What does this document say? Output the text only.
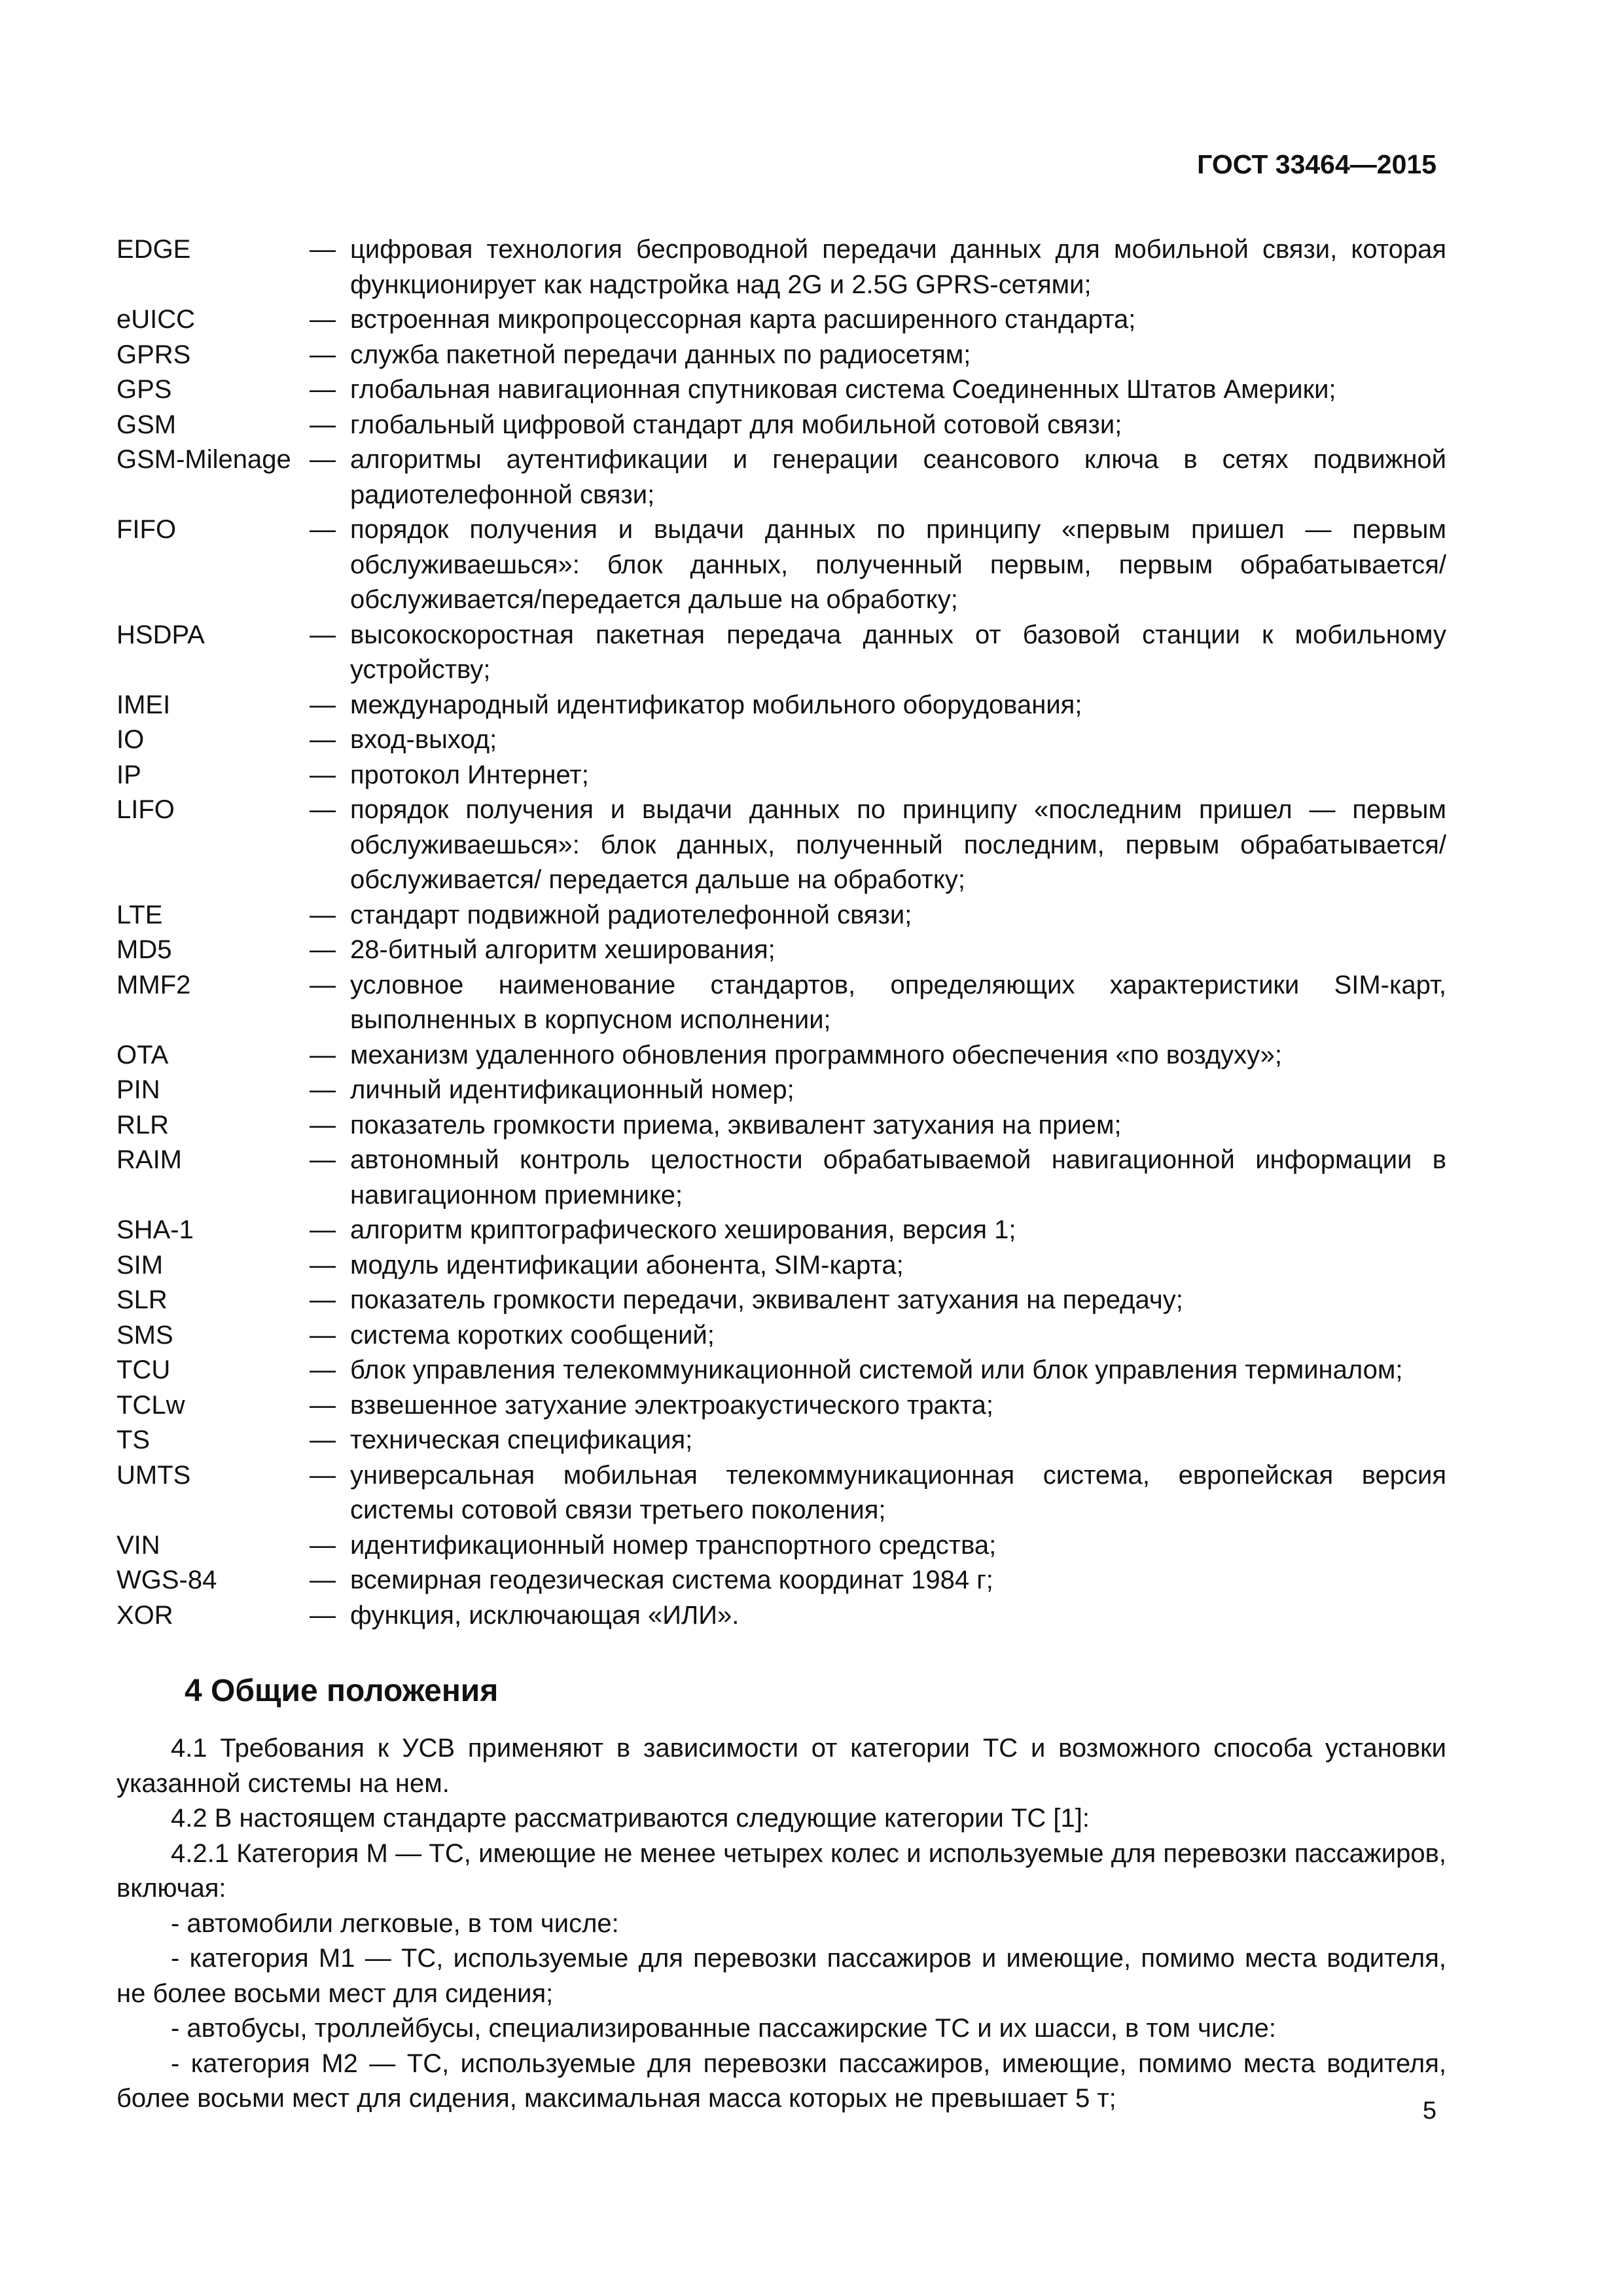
ГОСТ 33464—2015
EDGE	— цифровая технология беспроводной передачи данных для мобильной связи, которая функционирует как надстройка над 2G и 2.5G GPRS-сетями;
eUICC	— встроенная микропроцессорная карта расширенного стандарта;
GPRS	— служба пакетной передачи данных по радиосетям;
GPS	— глобальная навигационная спутниковая система Соединенных Штатов Америки;
GSM	— глобальный цифровой стандарт для мобильной сотовой связи;
GSM-Milenage — алгоритмы аутентификации и генерации сеансового ключа в сетях подвижной радиотелефонной связи;
FIFO	— порядок получения и выдачи данных по принципу «первым пришел — первым обслуживаешься»: блок данных, полученный первым, первым обрабатывается/обслуживается/передается дальше на обработку;
HSDPA	— высокоскоростная пакетная передача данных от базовой станции к мобильному устройству;
IMEI	— международный идентификатор мобильного оборудования;
IO	— вход-выход;
IP	— протокол Интернет;
LIFO	— порядок получения и выдачи данных по принципу «последним пришел — первым обслуживаешься»: блок данных, полученный последним, первым обрабатывается/ обслуживается/ передается дальше на обработку;
LTE	— стандарт подвижной радиотелефонной связи;
MD5	— 28-битный алгоритм хеширования;
MMF2	— условное наименование стандартов, определяющих характеристики SIM-карт, выполненных в корпусном исполнении;
OTA	— механизм удаленного обновления программного обеспечения «по воздуху»;
PIN	— личный идентификационный номер;
RLR	— показатель громкости приема, эквивалент затухания на прием;
RAIM	— автономный контроль целостности обрабатываемой навигационной информации в навигационном приемнике;
SHA-1	— алгоритм криптографического хеширования, версия 1;
SIM	— модуль идентификации абонента, SIM-карта;
SLR	— показатель громкости передачи, эквивалент затухания на передачу;
SMS	— система коротких сообщений;
TCU	— блок управления телекоммуникационной системой или блок управления терминалом;
TCLw	— взвешенное затухание электроакустического тракта;
TS	— техническая спецификация;
UMTS	— универсальная мобильная телекоммуникационная система, европейская версия системы сотовой связи третьего поколения;
VIN	— идентификационный номер транспортного средства;
WGS-84	— всемирная геодезическая система координат 1984 г;
XOR	— функция, исключающая «ИЛИ».
4 Общие положения

4.1 Требования к УСВ применяют в зависимости от категории ТС и возможного способа установки указанной системы на нем.

4.2 В настоящем стандарте рассматриваются следующие категории ТС [1]:

4.2.1 Категория М — ТС, имеющие не менее четырех колес и используемые для перевозки пассажиров, включая:

- автомобили легковые, в том числе:

- категория М1 — ТС, используемые для перевозки пассажиров и имеющие, помимо места водителя, не более восьми мест для сидения;

- автобусы, троллейбусы, специализированные пассажирские ТС и их шасси, в том числе:

- категория М2 — ТС, используемые для перевозки пассажиров, имеющие, помимо места водителя, более восьми мест для сидения, максимальная масса которых не превышает 5 т;	5
